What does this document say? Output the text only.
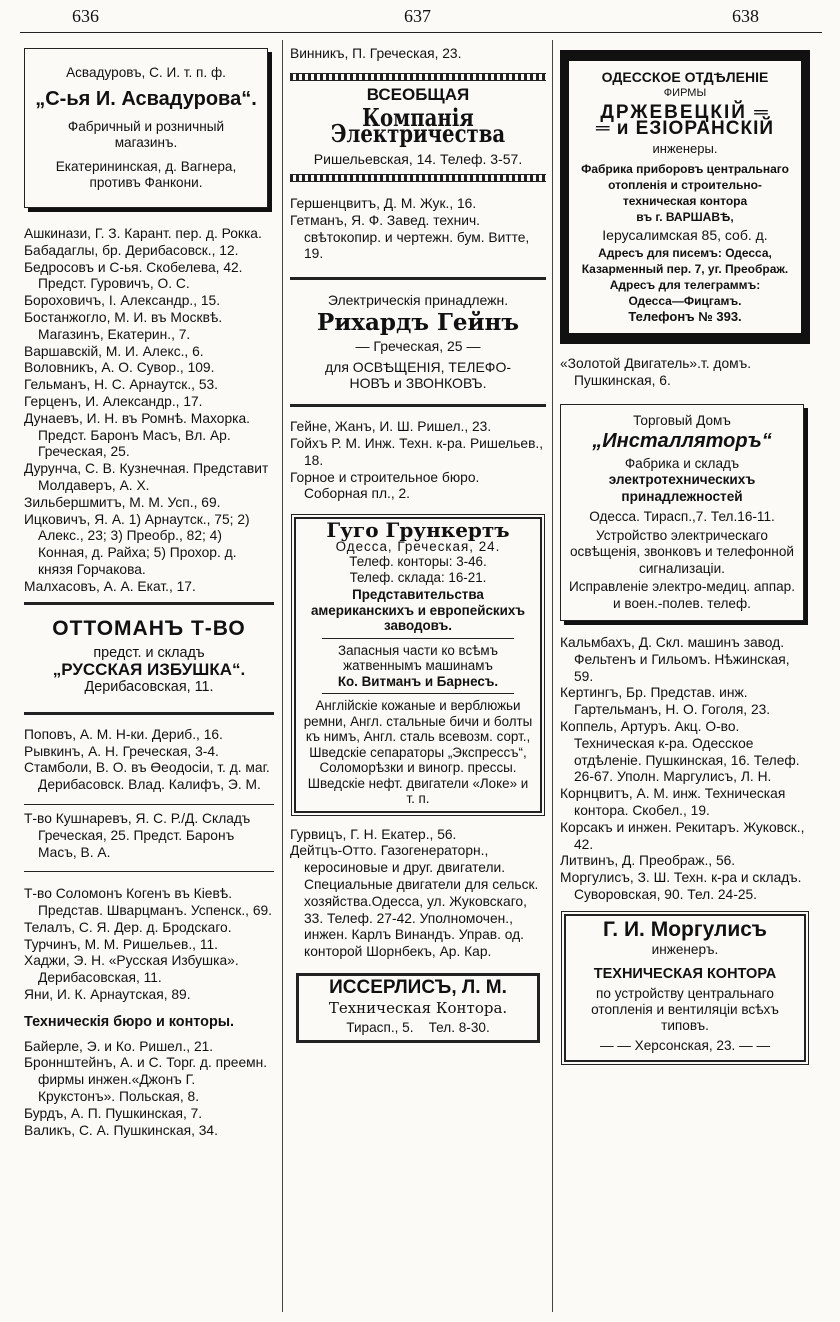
636	637	638

Асвадуровъ, С. И. т. п. ф.

„С-ья И. Асвадурова“.

Фабричный и розничный

магазинъ.

Екатерининская, д. Вагнера,

противъ Фанкони.

Ашкинази, Г. З. Карант. пер. д. Рокка.

Бабадаглы, бр. Дерибасовск., 12.

Бедросовъ и С-ья. Скобелева, 42. Предст. Гуровичъ, О. С.

Бороховичъ, І. Александр., 15.

Бостанжогло, М. И. въ Москвѣ. Магазинъ, Екатерин., 7.

Варшавскій, М. И. Алекс., 6.

Воловникъ, А. О. Сувор., 109.

Гельманъ, Н. С. Арнаутск., 53.

Герценъ, И. Александр., 17.

Дунаевъ, И. Н. въ Ромнѣ. Махорка. Предст. Баронъ Масъ, Вл. Ар. Греческая, 25.

Дурунча, С. В. Кузнечная. Представит Молдаверъ, А. Х.

Зильбершмитъ, М. М. Усп., 69.

Ицковичъ, Я. А. 1) Арнаутск., 75; 2) Алекс., 23; 3) Преобр., 82; 4) Конная, д. Райха; 5) Прохор. д. князя Горчакова.

Малхасовъ, А. А. Екат., 17.

ОТТОМАНЪ Т-ВО
предст. и складъ
„РУССКАЯ ИЗБУШКА“.
Дерибасовская, 11.

Поповъ, А. М. Н-ки. Дериб., 16.

Рывкинъ, А. Н. Греческая, 3-4.

Стамболи, В. О. въ Өеодосіи, т. д. маг. Дерибасовск. Влад. Калифъ, Э. М.

Т-во Кушнаревъ, Я. С. Р./Д. Складъ Греческая, 25. Предст. Баронъ Масъ, В. А.

Т-во Соломонъ Когенъ въ Кіевѣ. Представ. Шварцманъ. Успенск., 69.

Телалъ, С. Я. Дер. д. Бродскаго.

Турчинъ, М. М. Ришельев., 11.

Хаджи, Э. Н. «Русская Избушка». Дерибасовская, 11.

Яни, И. К. Арнаутская, 89.

Техническія бюро и конторы.

Байерле, Э. и Ко. Ришел., 21.

Броннштейнъ, А. и С. Торг. д. преемн. фирмы инжен.«Джонъ Г. Крукстонъ». Польская, 8.

Бурдъ, А. П. Пушкинская, 7.

Валикъ, С. А. Пушкинская, 34.

Винникъ, П. Греческая, 23.

ВСЕОБЩАЯ
Компанія Электричества
Ришельевская, 14. Телеф. 3-57.

Гершенцвитъ, Д. М. Жук., 16.

Гетманъ, Я. Ф. Завед. технич. свѣтокопир. и чертежн. бум. Витте, 19.

Электрическія принадлежн.
Рихардъ Гейнъ
— Греческая, 25 —
для ОСВѢЩЕНІЯ, ТЕЛЕФО-
НОВЪ и ЗВОНКОВЪ.

Гейне, Жанъ, И. Ш. Ришел., 23.

Гойхъ Р. М. Инж. Техн. к-ра. Ришельев., 18.

Горное и строительное бюро. Соборная пл., 2.

Гуго Грункертъ

Одесса, Греческая, 24.

Телеф. конторы: 3-46.

Телеф. склада: 16-21.

Представительства американскихъ и европейскихъ заводовъ.

Запасныя части ко всѣмъ жатвеннымъ машинамъ

Ко. Витманъ и Барнесъ.

Англійскіе кожаные и верблюжьи ремни, Англ. стальные бичи и болты къ нимъ, Англ. сталь всевозм. сорт., Шведскіе сепараторы „Экспрессъ“, Соломорѣзки и виногр. прессы. Шведскіе нефт. двигатели «Локе» и т. п.

Гурвицъ, Г. Н. Екатер., 56.

Дейтцъ-Отто. Газогенераторн., керосиновые и друг. двигатели. Специальные двигатели для сельск. хозяйства.Одесса, ул. Жуковскаго, 33. Телеф. 27-42. Уполномочен., инжен. Карлъ Винандъ. Управ. од. конторой Шорнбекъ, Ар. Кар.

ИССЕРЛИСЪ, Л. М.

Техническая Контора.

Тирасп., 5. Тел. 8-30.

ОДЕССКОЕ ОТДѢЛЕНІЕ

ФИРМЫ

ДРЖЕВЕЦКІЙ ═

═ и ЕЗІОРАНСКІЙ

инженеры.

Фабрика приборовъ центральнаго отопленія и строительно-техническая контора

въ г. ВАРШАВѢ,

Іерусалимская 85, соб. д.

Адресъ для писемъ: Одесса, Казарменный пер. 7, уг. Преображ.

Адресъ для телеграммъ:

Одесса—Фицгамъ.

Телефонъ № 393.

«Золотой Двигатель».т. домъ. Пушкинская, 6.

Торговый Домъ

„Инсталляторъ“

Фабрика и складъ

электротехническихъ принадлежностей

Одесса. Тирасп.,7. Тел.16-11.

Устройство электрическаго освѣщенія, звонковъ и телефонной сигнализаціи.

Исправленіе электро-медиц. аппар. и воен.-полев. телеф.

Кальмбахъ, Д. Скл. машинъ завод. Фельтенъ и Гильомъ. Нѣжинская, 59.

Кертингъ, Бр. Представ. инж. Гартельманъ, Н. О. Гоголя, 23.

Коппель, Артуръ. Акц. О-во. Техническая к-ра. Одесское отдѣленіе. Пушкинская, 16. Телеф. 26-67. Уполн. Маргулисъ, Л. Н.

Корнцвитъ, А. М. инж. Техническая контора. Скобел., 19.

Корсакъ и инжен. Рекитаръ. Жуковск., 42.

Литвинъ, Д. Преображ., 56.

Моргулисъ, З. Ш. Техн. к-ра и складъ. Суворовская, 90. Тел. 24-25.

Г. И. Моргулисъ

инженеръ.

ТЕХНИЧЕСКАЯ КОНТОРА

по устройству центральнаго отопленія и вентиляціи всѣхъ типовъ.

— — Херсонская, 23. — —
